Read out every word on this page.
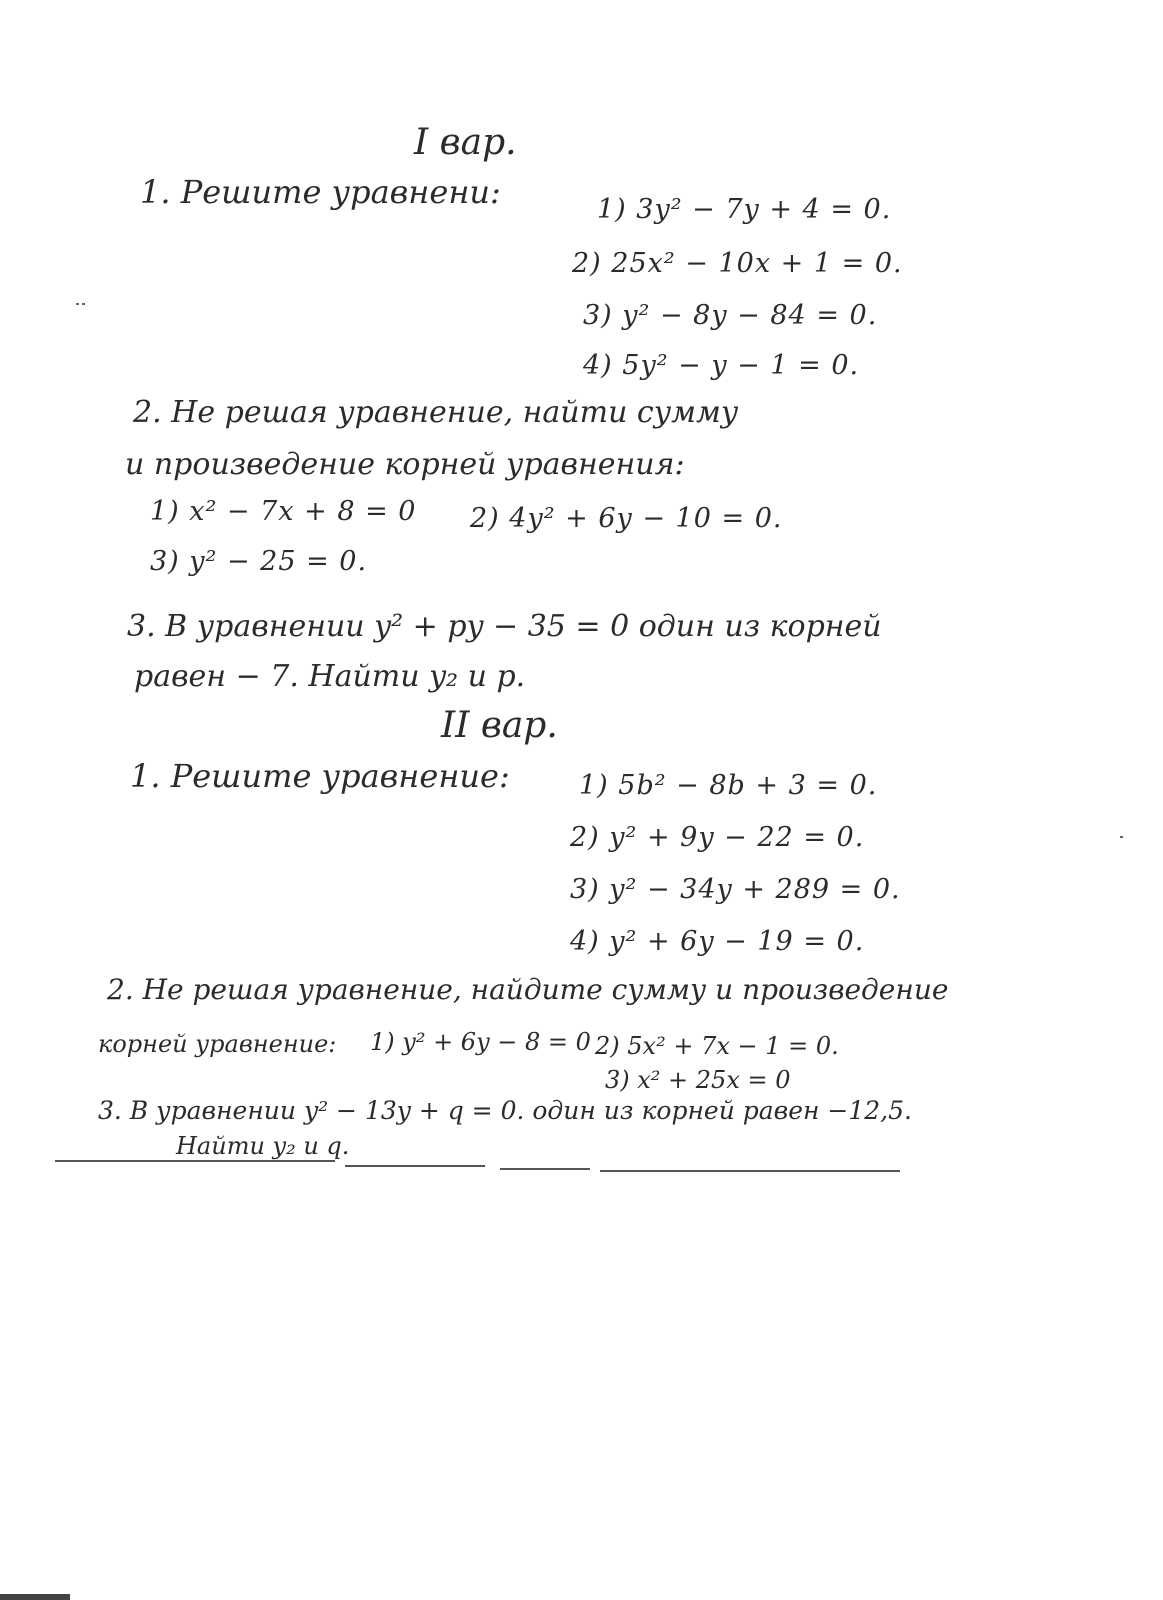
I вар.
1. Решите уравнени:	1) 3y² − 7y + 4 = 0.
2) 25x² − 10x + 1 = 0.
3) y² − 8y − 84 = 0.
4) 5y² − y − 1 = 0.
2. Не решая уравнение, найти сумму
и произведение корней уравнения:
1) x² − 7x + 8 = 0 2) 4y² + 6y − 10 = 0.
3) y² − 25 = 0.
3. В уравнении y² + py − 35 = 0 один из корней
равен − 7. Найти y₂ и p.
II вар.
1. Решите уравнение:	1) 5b² − 8b + 3 = 0.
2) y² + 9y − 22 = 0.
3) y² − 34y + 289 = 0.
4) y² + 6y − 19 = 0.
2. Не решая уравнение, найдите сумму и произведение
корней уравнение: 1) y² + 6y − 8 = 0 2) 5x² + 7x − 1 = 0.
3) x² + 25x = 0
3. В уравнении y² − 13y + q = 0. один из корней равен −12,5.
Найти y₂ и q.
